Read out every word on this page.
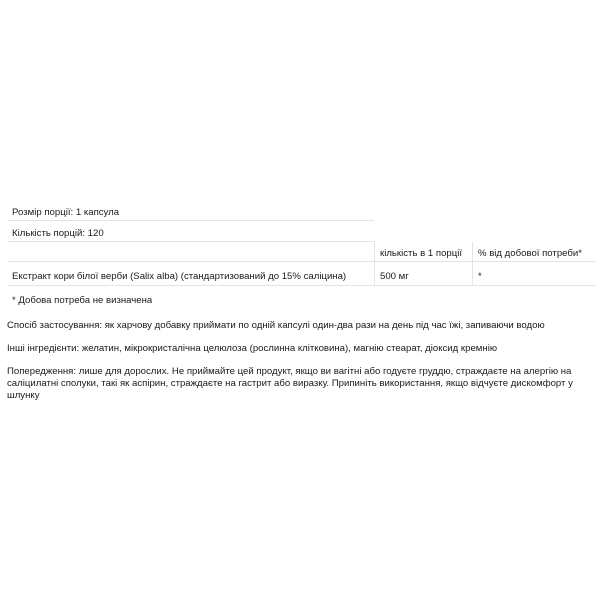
Розмір порції: 1 капсула
Кількість порцій: 120
кількість в 1 порції % від добової потреби*
Екстракт кори білої верби (Salix alba) (стандартизований до 15% саліцина)	500 мг	*
* Добова потреба не визначена

Спосіб застосування: як харчову добавку приймати по одній капсулі один-два рази на день під час їжі, запиваючи водою

Інші інгредієнти: желатин, мікрокристалічна целюлоза (рослинна клітковина), магнію стеарат, діоксид кремнію

Попередження: лише для дорослих. Не приймайте цей продукт, якщо ви вагітні або годуєте груддю, страждаєте на алергію на саліцилатні сполуки, такі як аспірин, страждаєте на гастрит або виразку. Припиніть використання, якщо відчуєте дискомфорт у шлунку
